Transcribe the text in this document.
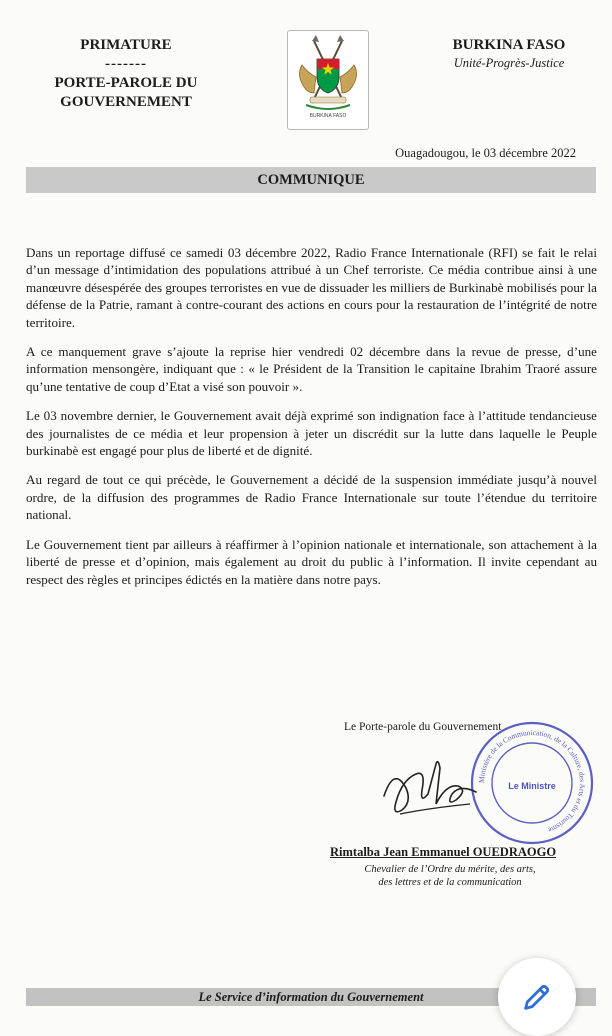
PRIMATURE
-------
PORTE-PAROLE DU
GOUVERNEMENT
BURKINA FASO
BURKINA FASO
Unité-Progrès-Justice
Ouagadougou, le 03 décembre 2022
COMMUNIQUE

Dans un reportage diffusé ce samedi 03 décembre 2022, Radio France Internationale (RFI) se fait le relai d’un message d’intimidation des populations attribué à un Chef terroriste. Ce média contribue ainsi à une manœuvre désespérée des groupes terroristes en vue de dissuader les milliers de Burkinabè mobilisés pour la défense de la Patrie, ramant à contre-courant des actions en cours pour la restauration de l’intégrité de notre territoire.

A ce manquement grave s’ajoute la reprise hier vendredi 02 décembre dans la revue de presse, d’une information mensongère, indiquant que : « le Président de la Transition le capitaine Ibrahim Traoré assure qu’une tentative de coup d’Etat a visé son pouvoir ».

Le 03 novembre dernier, le Gouvernement avait déjà exprimé son indignation face à l’attitude tendancieuse des journalistes de ce média et leur propension à jeter un discrédit sur la lutte dans laquelle le Peuple burkinabè est engagé pour plus de liberté et de dignité.

Au regard de tout ce qui précède, le Gouvernement a décidé de la suspension immédiate jusqu’à nouvel ordre, de la diffusion des programmes de Radio France Internationale sur toute l’étendue du territoire national.

Le Gouvernement tient par ailleurs à réaffirmer à l’opinion nationale et internationale, son attachement à la liberté de presse et d’opinion, mais également au droit du public à l’information. Il invite cependant au respect des règles et principes édictés en la matière dans notre pays.

Le Porte-parole du Gouvernement
Ministère de la Communication, de la Culture, des Arts et du Tourisme
Le Ministre
Rimtalba Jean Emmanuel OUEDRAOGO
Chevalier de l’Ordre du mérite, des arts,
des lettres et de la communication
Le Service d’information du Gouvernement
